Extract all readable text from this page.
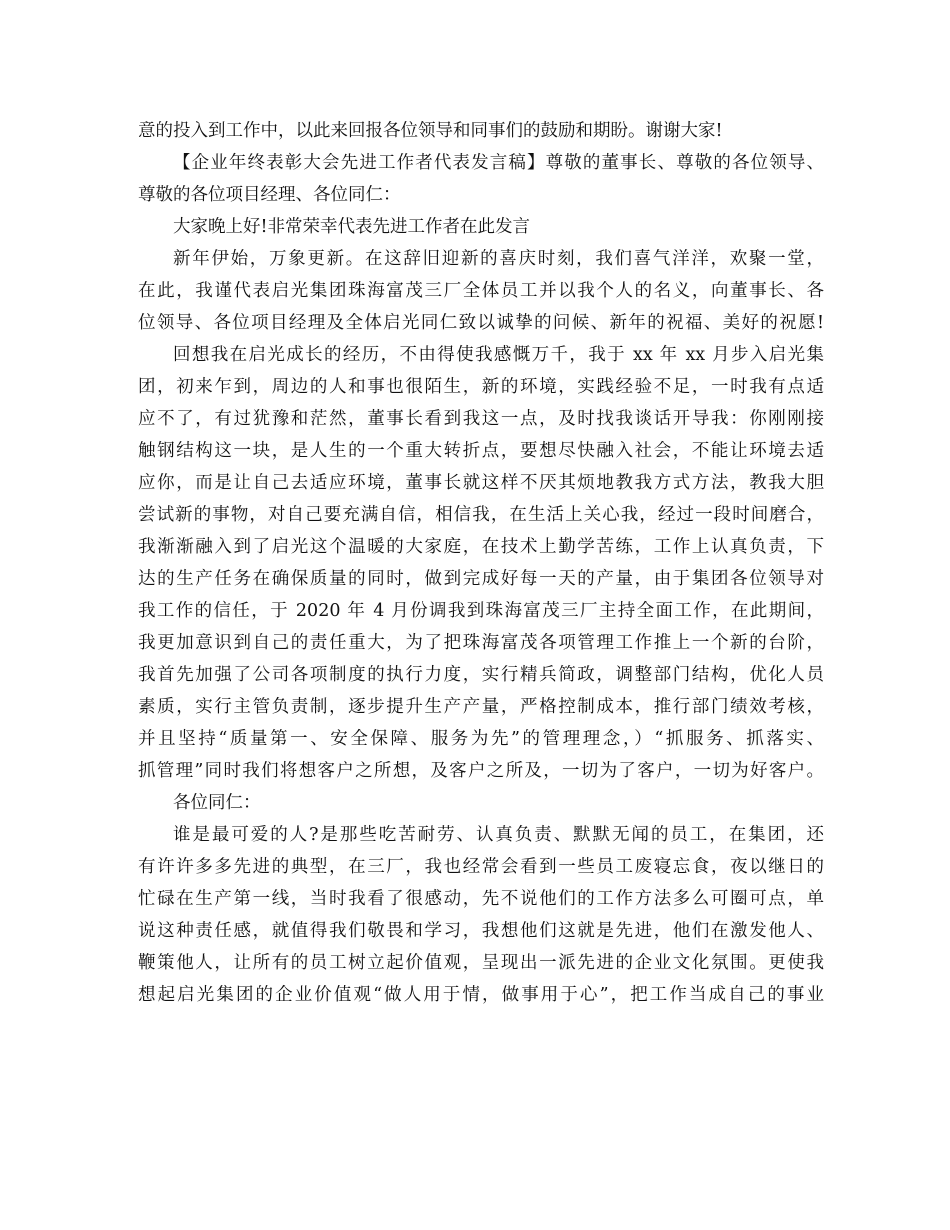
意的投入到工作中，以此来回报各位领导和同事们的鼓励和期盼。谢谢大家!
【企业年终表彰大会先进工作者代表发言稿】尊敬的董事长、尊敬的各位领导、
尊敬的各位项目经理、各位同仁：
大家晚上好!非常荣幸代表先进工作者在此发言
新年伊始，万象更新。在这辞旧迎新的喜庆时刻，我们喜气洋洋，欢聚一堂，
在此，我谨代表启光集团珠海富茂三厂全体员工并以我个人的名义，向董事长、各
位领导、各位项目经理及全体启光同仁致以诚挚的问候、新年的祝福、美好的祝愿!
回想我在启光成长的经历，不由得使我感慨万千，我于 xx 年 xx 月步入启光集
团，初来乍到，周边的人和事也很陌生，新的环境，实践经验不足，一时我有点适
应不了，有过犹豫和茫然，董事长看到我这一点，及时找我谈话开导我：你刚刚接
触钢结构这一块，是人生的一个重大转折点，要想尽快融入社会，不能让环境去适
应你，而是让自己去适应环境，董事长就这样不厌其烦地教我方式方法，教我大胆
尝试新的事物，对自己要充满自信，相信我，在生活上关心我，经过一段时间磨合，
我渐渐融入到了启光这个温暖的大家庭，在技术上勤学苦练，工作上认真负责，下
达的生产任务在确保质量的同时，做到完成好每一天的产量，由于集团各位领导对
我工作的信任，于 2020 年 4 月份调我到珠海富茂三厂主持全面工作，在此期间，
我更加意识到自己的责任重大，为了把珠海富茂各项管理工作推上一个新的台阶，
我首先加强了公司各项制度的执行力度，实行精兵简政，调整部门结构，优化人员
素质，实行主管负责制，逐步提升生产产量，严格控制成本，推行部门绩效考核，
并且坚持“质量第一、安全保障、服务为先”的管理理念，）“抓服务、抓落实、
抓管理”同时我们将想客户之所想，及客户之所及，一切为了客户，一切为好客户。
各位同仁：
谁是最可爱的人?是那些吃苦耐劳、认真负责、默默无闻的员工，在集团，还
有许许多多先进的典型，在三厂，我也经常会看到一些员工废寝忘食，夜以继日的
忙碌在生产第一线，当时我看了很感动，先不说他们的工作方法多么可圈可点，单
说这种责任感，就值得我们敬畏和学习，我想他们这就是先进，他们在激发他人、
鞭策他人，让所有的员工树立起价值观，呈现出一派先进的企业文化氛围。更使我
想起启光集团的企业价值观“做人用于情，做事用于心”，把工作当成自己的事业
